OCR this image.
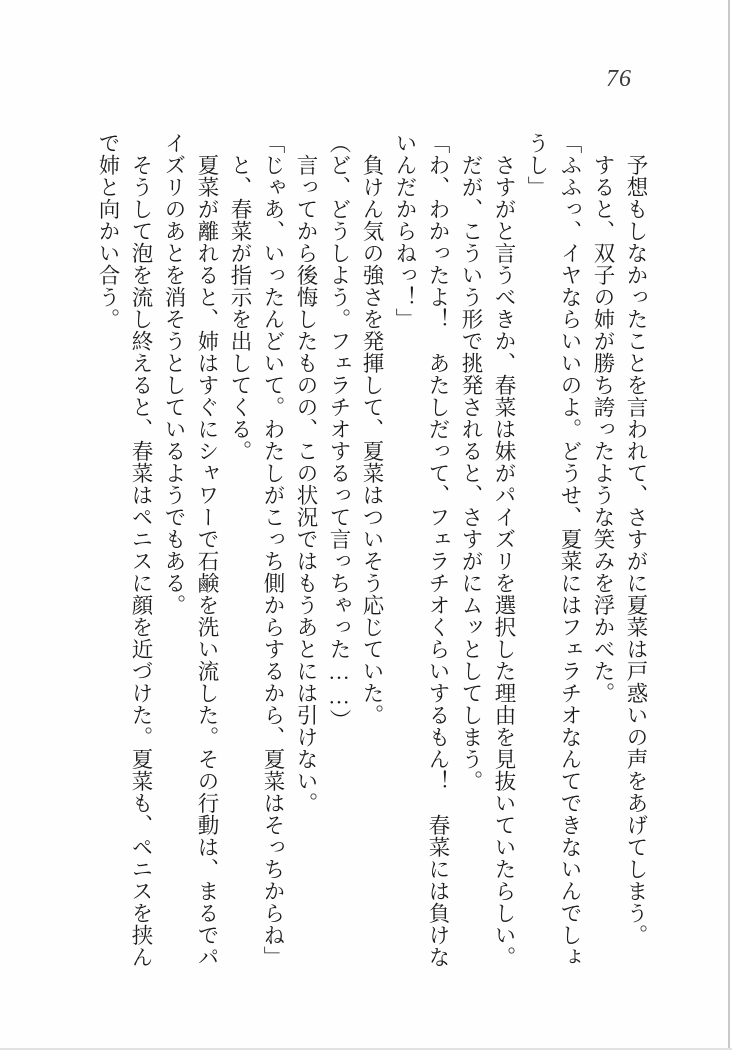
76
　予想もしなかったことを言われて、さすがに夏菜は戸惑いの声をあげてしまう。
　すると、双子の姉が勝ち誇ったような笑みを浮かべた。
「ふふっ、イヤならいいのよ。どうせ、夏菜にはフェラチオなんてできないんでしょ
うし」
　さすがと言うべきか、春菜は妹がパイズリを選択した理由を見抜いていたらしい。
　だが、こういう形で挑発されると、さすがにムッとしてしまう。
「わ、わかったよ！　あたしだって、フェラチオくらいするもん！　春菜には負けな
いんだからねっ！」
　負けん気の強さを発揮して、夏菜はついそう応じていた。
（ど、どうしよう。フェラチオするって言っちゃった……）
　言ってから後悔したものの、この状況ではもうあとには引けない。
「じゃあ、いったんどいて。わたしがこっち側からするから、夏菜はそっちからね」
　と、春菜が指示を出してくる。
　夏菜が離れると、姉はすぐにシャワーで石鹸を洗い流した。その行動は、まるでパ
イズリのあとを消そうとしているようでもある。
　そうして泡を流し終えると、春菜はペニスに顔を近づけた。夏菜も、ペニスを挟ん
で姉と向かい合う。
